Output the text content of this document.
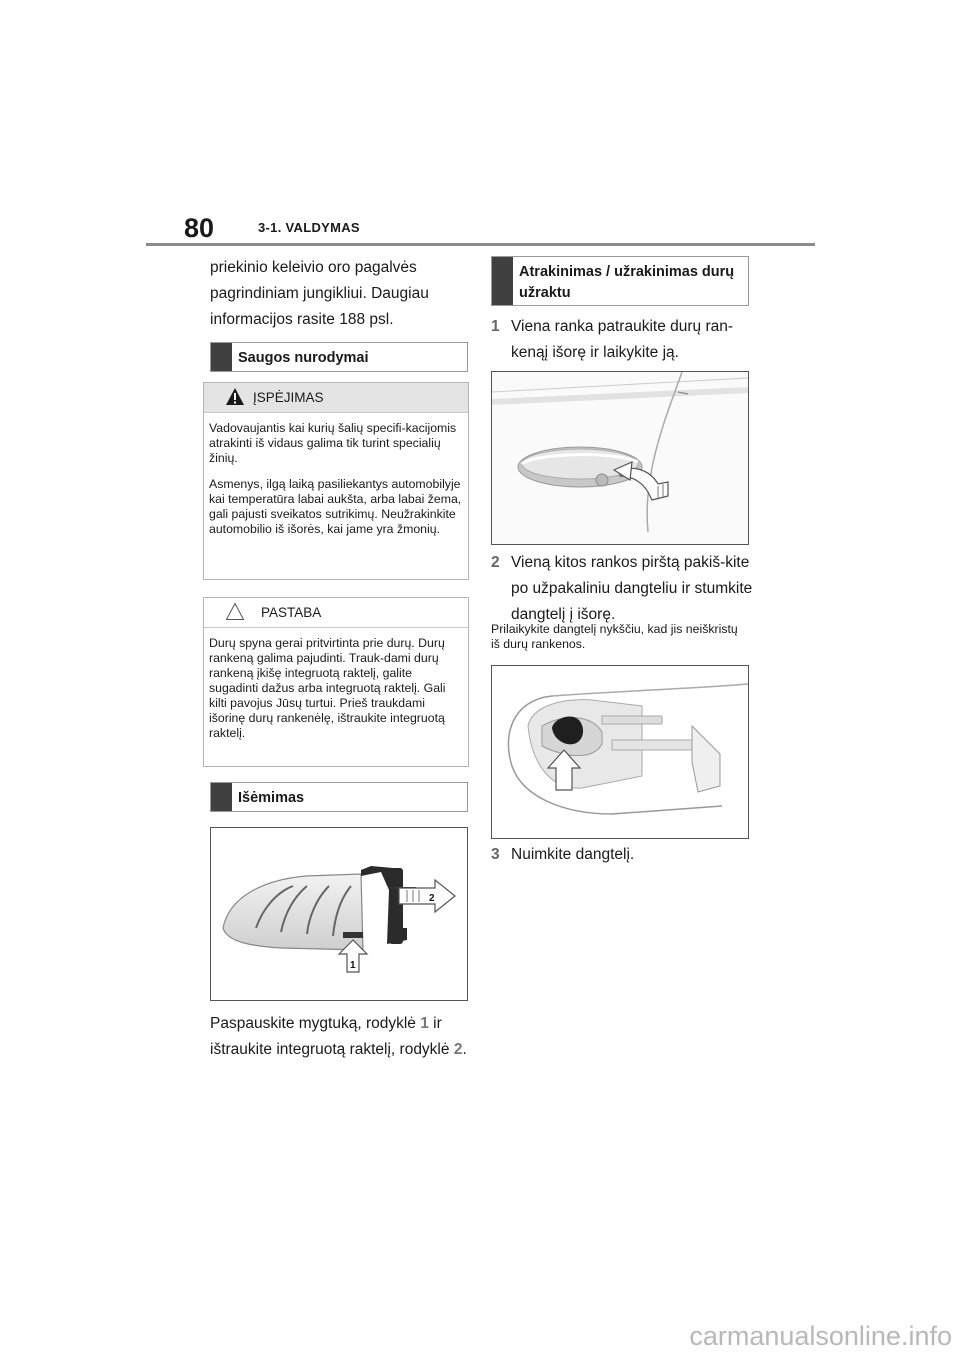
80	3-1. VALDYMAS
priekinio keleivio oro pagalvės pagrindiniam jungikliui. Daugiau informacijos rasite 188 psl.
Saugos nurodymai
ĮSPĖJIMAS

Vadovaujantis kai kurių šalių specifi-kacijomis atrakinti iš vidaus galima tik turint specialių žinių.

Asmenys, ilgą laiką pasiliekantys automobilyje kai temperatūra labai aukšta, arba labai žema, gali pajusti sveikatos sutrikimų. Neužrakinkite automobilio iš išorės, kai jame yra žmonių.

PASTABA

Durų spyna gerai pritvirtinta prie durų. Durų rankeną galima pajudinti. Trauk-dami durų rankeną įkišę integruotą raktelį, galite sugadinti dažus arba integruotą raktelį. Gali kilti pavojus Jūsų turtui. Prieš traukdami išorinę durų rankenėlę, ištraukite integruotą raktelį.

Išėmimas
2
1
Paspauskite mygtuką, rodyklė 1 ir ištraukite integruotą raktelį, rodyklė 2.
Atrakinimas / užrakinimas durų užraktu
1 Viena ranka patraukite durų ran-kenąį išorę ir laikykite ją.
2 Vieną kitos rankos pirštą pakiš-kite po užpakaliniu dangteliu ir stumkite dangtelį į išorę.
Prilaikykite dangtelį nykščiu, kad jis neiškristų iš durų rankenos.
3 Nuimkite dangtelį.
carmanualsonline.info
